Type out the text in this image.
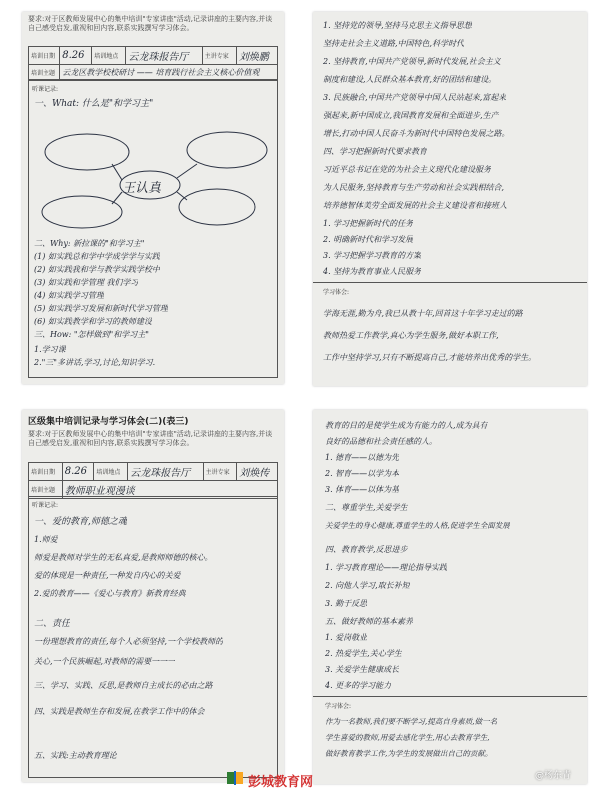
要求:对于区教师发展中心的集中培训"专家讲座"活动,记录讲座的主要内容,并谈自己感受启发,重视和回内容,联系实践撰写学习体会。
培训日期	8.26	培训地点	云龙珠报告厅	主讲专家	刘焕鹏
培训主题	云龙区教学校校研讨 —— 培育践行社会主义核心价值观				
听课记录:
一、What: 什么是"和学习主"
王认真
二、Why: 新拉课的"和学习主"
(1) 如实践总和学中学成学学与实践
(2) 如实践我和学与教学实践学校中
(3) 如实践和学管理 我们学习
(4) 如实践学习管理
(5) 如实践学习发展和新时代学习管理
(6) 如实践教学和学习的教师建设
三、How: "怎样做到"和学习主"
1.学习课
2."三"多讲话,学习,讨论,知识学习.
1. 坚持党的领导,坚持马克思主义指导思想
坚持走社会主义道路,中国特色,科学时代
2. 坚持教育,中国共产党领导,新时代发展,社会主义
制度和建设,人民群众基本教育,好的团结和建设。
3. 民族融合,中国共产党领导中国人民站起来,富起来
强起来,新中国成立,我国教育发展和全面进步,生产
增长,打动中国人民奋斗为新时代中国特色发展之路。
四、学习把握新时代要求教育
习近平总书记在党的为社会主义现代化建设服务
为人民服务,坚持教育与生产劳动和社会实践相结合,
培养德智体美劳全面发展的社会主义建设者和接班人
1. 学习把握新时代的任务
2. 明确新时代和学习发展
3. 学习把握学习教育的方案
4. 坚持为教育事业人民服务
学习体会:
学海无涯,勤为舟,我已从教十年,回首这十年学习走过的路
教师热爱工作教学,真心为学生服务,做好本职工作,
工作中坚持学习,只有不断提高自己,才能培养出优秀的学生。
区级集中培训记录与学习体会(二)(表三)
要求:对于区教师发展中心的集中培训"专家讲座"活动,记录讲座的主要内容,并谈自己感受启发,重视和回内容,联系实践撰写学习体会。
培训日期	8.26	培训地点	云龙珠报告厅	主讲专家	刘焕传
培训主题	教师职业观漫谈				
听课记录:
一、爱的教育,师德之魂
1.师爱
师爱是教师对学生的无私真爱,是教师师德的核心。
爱的体现是一种责任,一种发自内心的关爱
2.爱的教育——《爱心与教育》新教育经典
二、责任
一份理想教育的责任,每个人必须坚持,一个学校教师的
关心,一个民族崛起,对教师的需要一一一
三、学习、实践、反思,是教师自主成长的必由之路
四、实践是教师生存和发展,在教学工作中的体会
五、实践:主动教育理论
教育的目的是使学生成为有能力的人,成为具有
良好的品德和社会责任感的人。
1. 德育——以德为先
2. 智育——以学为本
3. 体育——以体为基
二、尊重学生,关爱学生
关爱学生的身心健康,尊重学生的人格,促进学生全面发展
四、教育教学,反思进步
1. 学习教育理论——理论指导实践
2. 向他人学习,取长补短
3. 勤于反思
五、做好教师的基本素养
1. 爱岗敬业
2. 热爱学生,关心学生
3. 关爱学生健康成长
4. 更多的学习能力
学习体会:
作为一名教师,我们要不断学习,提高自身素质,做一名
学生喜爱的教师,用爱去感化学生,用心去教育学生,
做好教育教学工作,为学生的发展做出自己的贡献。
彭城教育网	@杨东青
